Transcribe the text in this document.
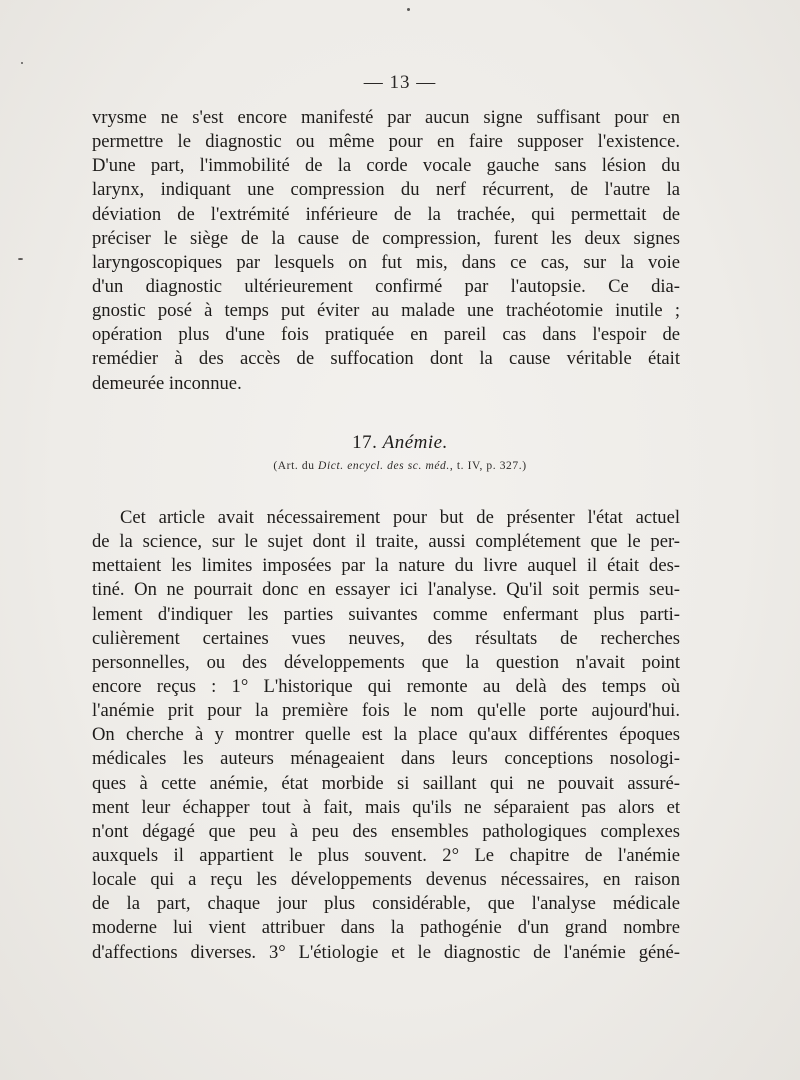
— 13 —
vrysme ne s'est encore manifesté par aucun signe suffisant pour en
permettre le diagnostic ou même pour en faire supposer l'existence.
D'une part, l'immobilité de la corde vocale gauche sans lésion du
larynx, indiquant une compression du nerf récurrent, de l'autre la
déviation de l'extrémité inférieure de la trachée, qui permettait de
préciser le siège de la cause de compression, furent les deux signes
laryngoscopiques par lesquels on fut mis, dans ce cas, sur la voie
d'un diagnostic ultérieurement confirmé par l'autopsie. Ce dia-
gnostic posé à temps put éviter au malade une trachéotomie inutile ;
opération plus d'une fois pratiquée en pareil cas dans l'espoir de
remédier à des accès de suffocation dont la cause véritable était
demeurée inconnue.
17. Anémie.
(Art. du Dict. encycl. des sc. méd., t. IV, p. 327.)
Cet article avait nécessairement pour but de présenter l'état actuel
de la science, sur le sujet dont il traite, aussi complétement que le per-
mettaient les limites imposées par la nature du livre auquel il était des-
tiné. On ne pourrait donc en essayer ici l'analyse. Qu'il soit permis seu-
lement d'indiquer les parties suivantes comme enfermant plus parti-
culièrement certaines vues neuves, des résultats de recherches
personnelles, ou des développements que la question n'avait point
encore reçus : 1° L'historique qui remonte au delà des temps où
l'anémie prit pour la première fois le nom qu'elle porte aujourd'hui.
On cherche à y montrer quelle est la place qu'aux différentes époques
médicales les auteurs ménageaient dans leurs conceptions nosologi-
ques à cette anémie, état morbide si saillant qui ne pouvait assuré-
ment leur échapper tout à fait, mais qu'ils ne séparaient pas alors et
n'ont dégagé que peu à peu des ensembles pathologiques complexes
auxquels il appartient le plus souvent. 2° Le chapitre de l'anémie
locale qui a reçu les développements devenus nécessaires, en raison
de la part, chaque jour plus considérable, que l'analyse médicale
moderne lui vient attribuer dans la pathogénie d'un grand nombre
d'affections diverses. 3° L'étiologie et le diagnostic de l'anémie géné-
